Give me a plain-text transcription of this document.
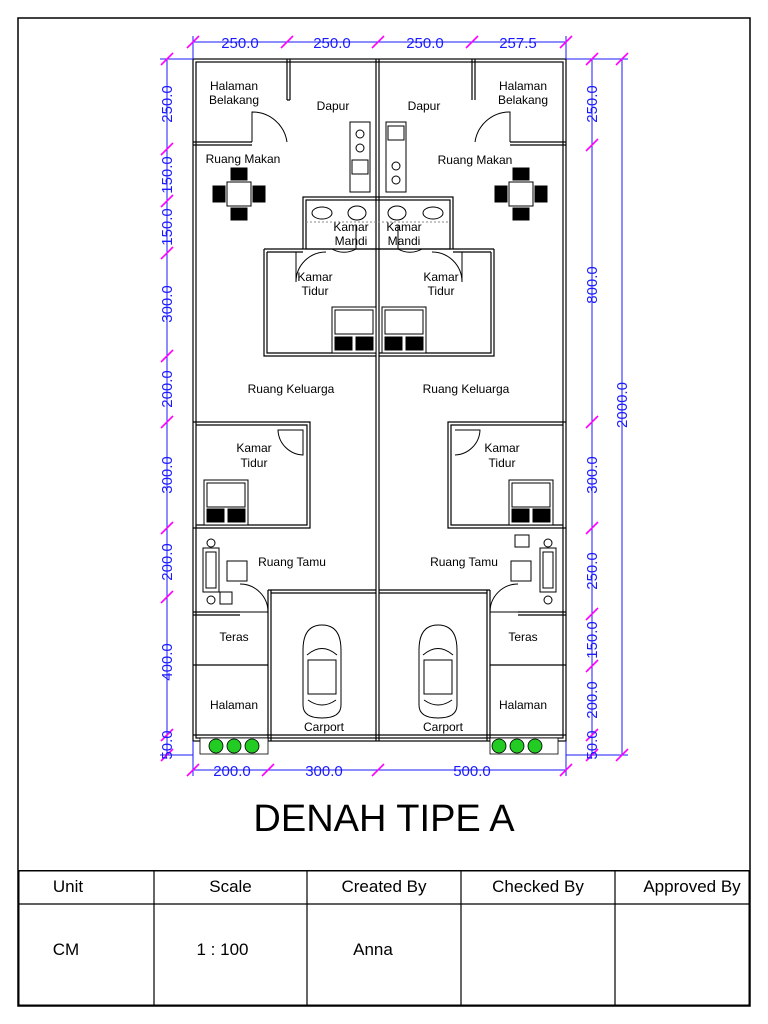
Halaman
Belakang
Halaman
Belakang
Dapur	Dapur
Ruang Makan	Ruang Makan
Kamar
Mandi
Kamar
Mandi
Kamar
Tidur
Kamar
Tidur
Ruang Keluarga	Ruang Keluarga
Kamar
Tidur
Kamar
Tidur
Ruang Tamu	Ruang Tamu
Teras	Teras
Halaman	Halaman
Carport	Carport
250.0	250.0	250.0	257.5
200.0	300.0	500.0
250.0
150.0
150.0
300.0
200.0
300.0
200.0
400.0
50.0
250.0
800.0
300.0
250.0
150.0
200.0
50.0
2000.0
DENAH TIPE A
Unit	Scale	Created By	Checked By	Approved By
CM	1 : 100	Anna
